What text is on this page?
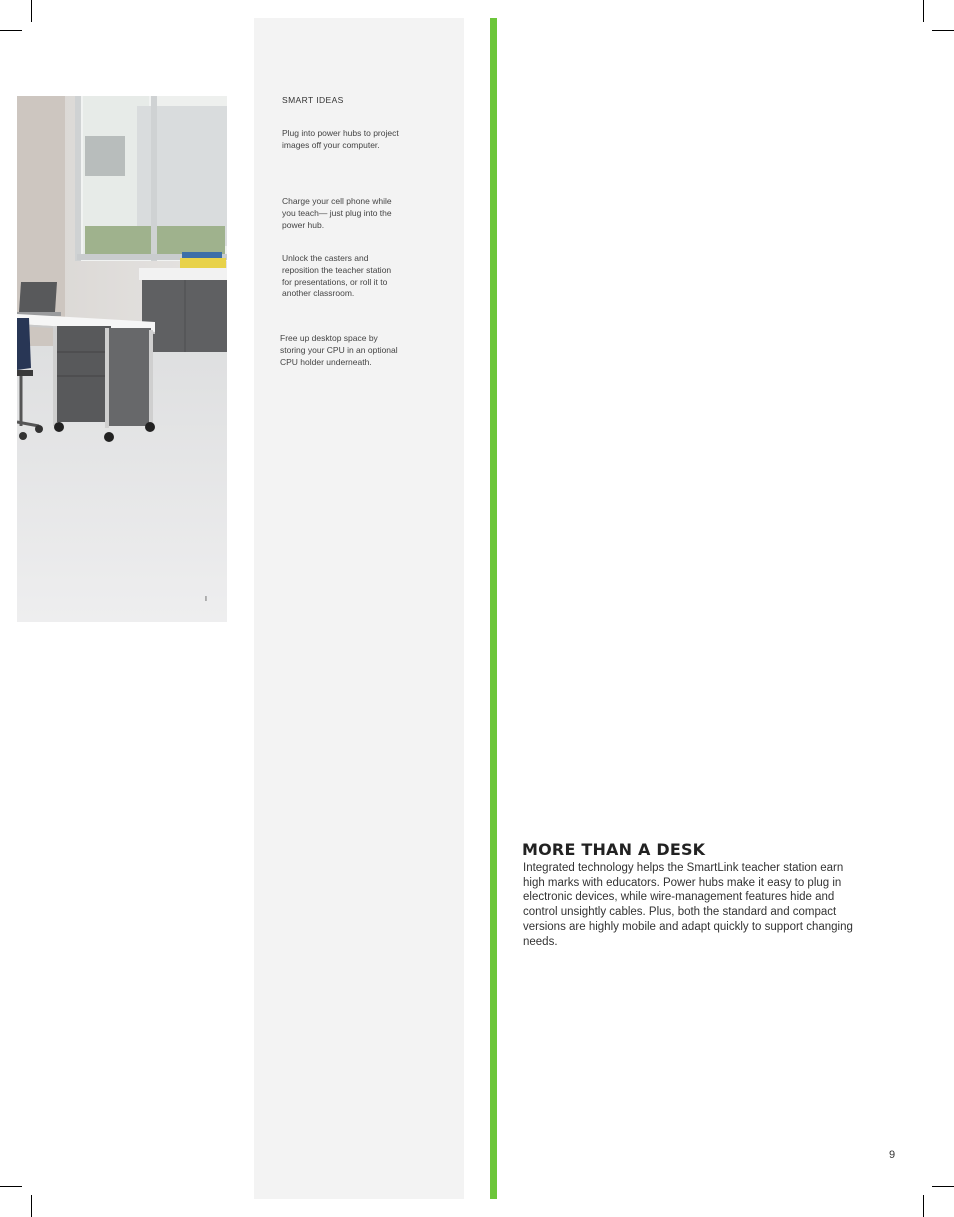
I

SMART IDEAS

Plug into power hubs to project images off your computer.

Charge your cell phone while you teach— just plug into the power hub.

Unlock the casters and reposition the teacher station for presentations, or roll it to another classroom.

Free up desktop space by storing your CPU in an optional CPU holder underneath.

MORE THAN A DESK

Integrated technology helps the SmartLink teacher station earn high marks with educators. Power hubs make it easy to plug in electronic devices, while wire-management features hide and control unsightly cables. Plus, both the standard and compact versions are highly mobile and adapt quickly to support changing needs.

9
